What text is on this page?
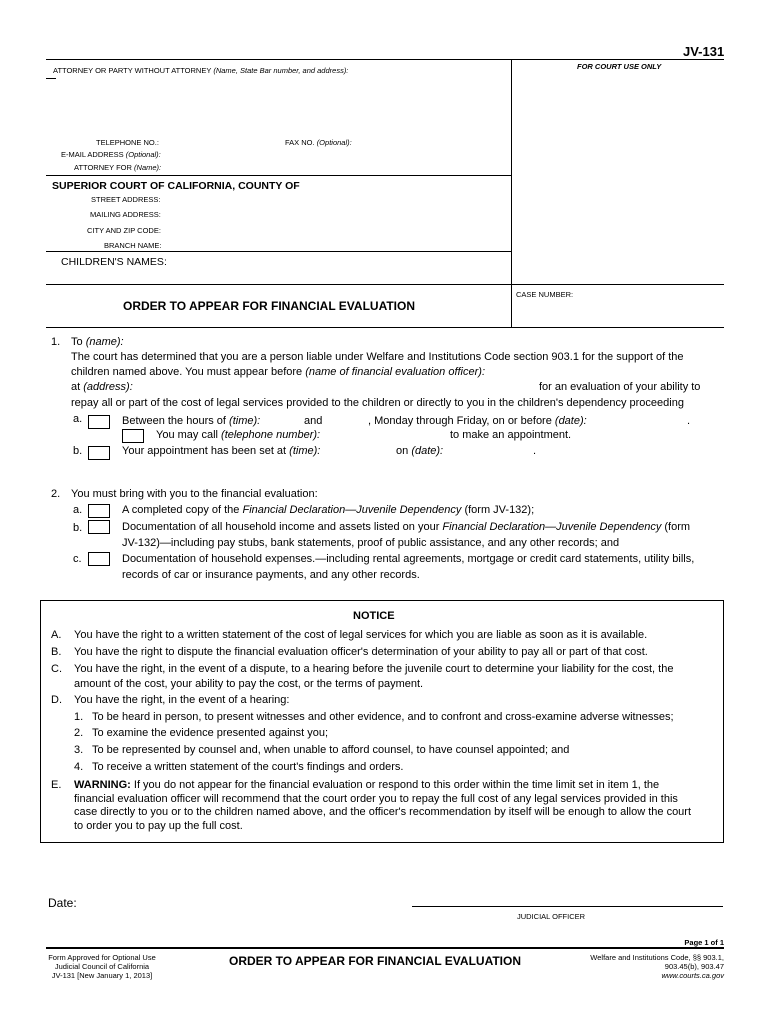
JV-131
ATTORNEY OR PARTY WITHOUT ATTORNEY (Name, State Bar number, and address):	FOR COURT USE ONLY
TELEPHONE NO.:	FAX NO. (Optional):
E-MAIL ADDRESS (Optional):
ATTORNEY FOR (Name):
SUPERIOR COURT OF CALIFORNIA, COUNTY OF
STREET ADDRESS:
MAILING ADDRESS:
CITY AND ZIP CODE:
BRANCH NAME:
CHILDREN'S NAMES:
ORDER TO APPEAR FOR FINANCIAL EVALUATION
CASE NUMBER:
1. To (name):
The court has determined that you are a person liable under Welfare and Institutions Code section 903.1 for the support of the
children named above. You must appear before (name of financial evaluation officer):
at (address):	for an evaluation of your ability to
repay all or part of the cost of legal services provided to the children or directly to you in the children's dependency proceeding
a.	Between the hours of (time):	and	, Monday through Friday, on or before (date):	.
You may call (telephone number):	to make an appointment.
b.	Your appointment has been set at (time):	on (date):	.
2. You must bring with you to the financial evaluation:
a.	A completed copy of the Financial Declaration—Juvenile Dependency (form JV-132);
b.	Documentation of all household income and assets listed on your Financial Declaration—Juvenile Dependency (form
JV-132)—including pay stubs, bank statements, proof of public assistance, and any other records; and
c.	Documentation of household expenses.—including rental agreements, mortgage or credit card statements, utility bills,
records of car or insurance payments, and any other records.
NOTICE
A. You have the right to a written statement of the cost of legal services for which you are liable as soon as it is available.
B. You have the right to dispute the financial evaluation officer's determination of your ability to pay all or part of that cost.
C. You have the right, in the event of a dispute, to a hearing before the juvenile court to determine your liability for the cost, the
amount of the cost, your ability to pay the cost, or the terms of payment.
D. You have the right, in the event of a hearing:
1. To be heard in person, to present witnesses and other evidence, and to confront and cross-examine adverse witnesses;
2. To examine the evidence presented against you;
3. To be represented by counsel and, when unable to afford counsel, to have counsel appointed; and
4. To receive a written statement of the court's findings and orders.
E. WARNING: If you do not appear for the financial evaluation or respond to this order within the time limit set in item 1, the
financial evaluation officer will recommend that the court order you to repay the full cost of any legal services provided in this
case directly to you or to the children named above, and the officer's recommendation by itself will be enough to allow the court
to order you to pay up the full cost.
Date:
JUDICIAL OFFICER
Page 1 of 1
Form Approved for Optional Use
Judicial Council of California
JV-131 [New January 1, 2013]
ORDER TO APPEAR FOR FINANCIAL EVALUATION	Welfare and Institutions Code, §§ 903.1,
903.45(b), 903.47
www.courts.ca.gov
